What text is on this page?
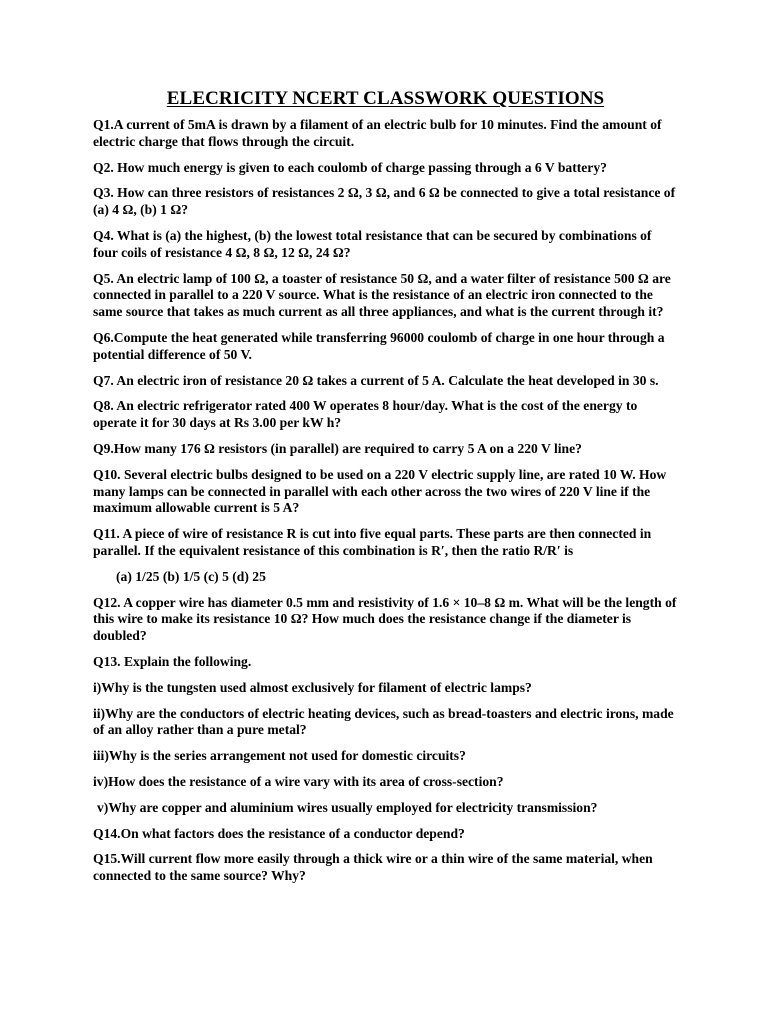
ELECRICITY NCERT CLASSWORK QUESTIONS

Q1.A current of 5mA is drawn by a filament of an electric bulb for 10 minutes. Find the amount of electric charge that flows through the circuit.

Q2. How much energy is given to each coulomb of charge passing through a 6 V battery?

Q3. How can three resistors of resistances 2 Ω, 3 Ω, and 6 Ω be connected to give a total resistance of (a) 4 Ω, (b) 1 Ω?

Q4. What is (a) the highest, (b) the lowest total resistance that can be secured by combinations of four coils of resistance 4 Ω, 8 Ω, 12 Ω, 24 Ω?

Q5. An electric lamp of 100 Ω, a toaster of resistance 50 Ω, and a water filter of resistance 500 Ω are connected in parallel to a 220 V source. What is the resistance of an electric iron connected to the same source that takes as much current as all three appliances, and what is the current through it?

Q6.Compute the heat generated while transferring 96000 coulomb of charge in one hour through a potential difference of 50 V.

Q7. An electric iron of resistance 20 Ω takes a current of 5 A. Calculate the heat developed in 30 s.

Q8. An electric refrigerator rated 400 W operates 8 hour/day. What is the cost of the energy to operate it for 30 days at Rs 3.00 per kW h?

Q9.How many 176 Ω resistors (in parallel) are required to carry 5 A on a 220 V line?

Q10. Several electric bulbs designed to be used on a 220 V electric supply line, are rated 10 W. How many lamps can be connected in parallel with each other across the two wires of 220 V line if the maximum allowable current is 5 A?

Q11. A piece of wire of resistance R is cut into five equal parts. These parts are then connected in parallel. If the equivalent resistance of this combination is R′, then the ratio R/R′ is

(a) 1/25 (b) 1/5 (c) 5 (d) 25

Q12. A copper wire has diameter 0.5 mm and resistivity of 1.6 × 10–8 Ω m. What will be the length of this wire to make its resistance 10 Ω? How much does the resistance change if the diameter is doubled?

Q13. Explain the following.

i)Why is the tungsten used almost exclusively for filament of electric lamps?

ii)Why are the conductors of electric heating devices, such as bread-toasters and electric irons, made of an alloy rather than a pure metal?

iii)Why is the series arrangement not used for domestic circuits?

iv)How does the resistance of a wire vary with its area of cross-section?

v)Why are copper and aluminium wires usually employed for electricity transmission?

Q14.On what factors does the resistance of a conductor depend?

Q15.Will current flow more easily through a thick wire or a thin wire of the same material, when connected to the same source? Why?
